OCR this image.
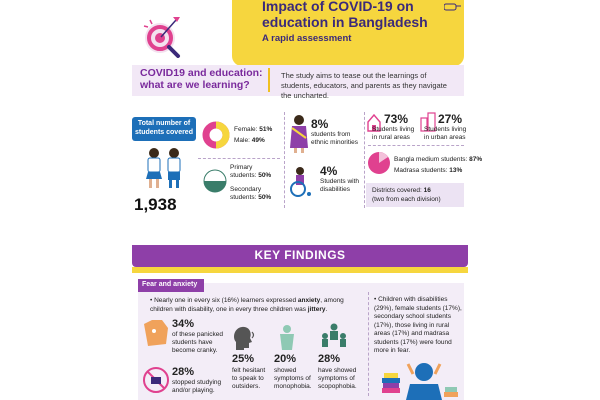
Impact of COVID-19 on
education in Bangladesh
A rapid assessment
COVID19 and education:
what are we learning?
The study aims to tease out the learnings of students, educators, and parents as they navigate the uncharted.
Total number of students covered
1,938
Female: 51%
Male: 49%
Primary students: 50%
Secondary students: 50%
8%
students from ethnic minorities
4%
Students with disabilities
73%
Students living in rural areas
27%
Students living in urban areas
Bangla medium students: 87%
Madrasa students: 13%
Districts covered: 16
(two from each division)
KEY FINDINGS
Fear and anxiety
• Nearly one in every six (16%) learners expressed anxiety, among children with disability, one in every three children was jittery.
34%
of these panicked students have become cranky.
28%
stopped studying and/or playing.
25%
felt hesitant to speak to outsiders.
20%
showed symptoms of monophobia.
28%
have showed symptoms of scopophobia.
• Children with disabilities (29%), female students (17%), secondary school students (17%), those living in rural areas (17%) and madrasa students (17%) were found more in fear.
